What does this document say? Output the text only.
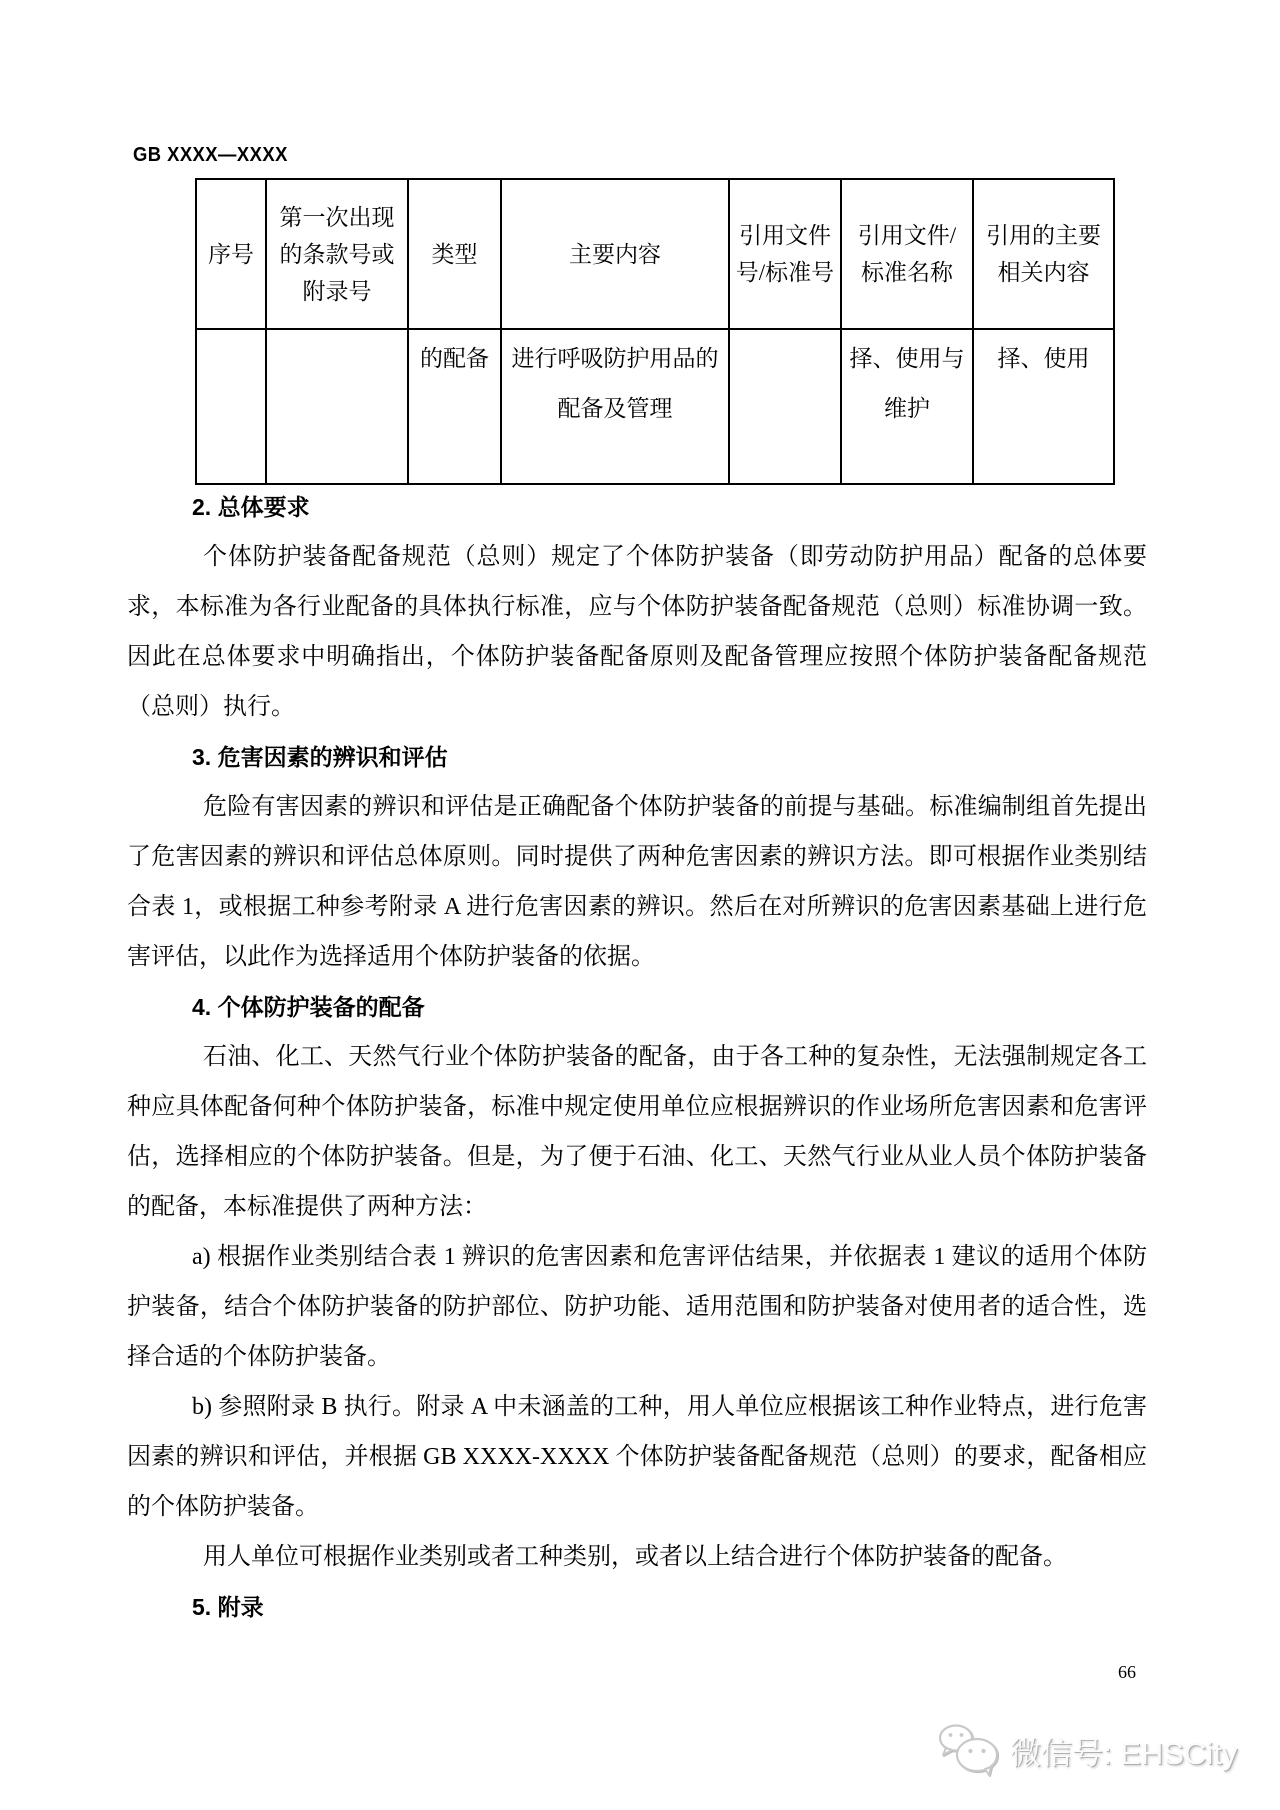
GB XXXX—XXXX
序号	第一次出现的条款号或附录号	类型	主要内容	引用文件号/标准号	引用文件/标准名称	引用的主要相关内容
		的配备	进行呼吸防护用品的配备及管理		择、使用与维护	择、使用
2. 总体要求

个体防护装备配备规范（总则）规定了个体防护装备（即劳动防护用品）配备的总体要求，本标准为各行业配备的具体执行标准，应与个体防护装备配备规范（总则）标准协调一致。因此在总体要求中明确指出，个体防护装备配备原则及配备管理应按照个体防护装备配备规范（总则）执行。

3. 危害因素的辨识和评估

危险有害因素的辨识和评估是正确配备个体防护装备的前提与基础。标准编制组首先提出了危害因素的辨识和评估总体原则。同时提供了两种危害因素的辨识方法。即可根据作业类别结合表 1，或根据工种参考附录 A 进行危害因素的辨识。然后在对所辨识的危害因素基础上进行危害评估，以此作为选择适用个体防护装备的依据。

4. 个体防护装备的配备

石油、化工、天然气行业个体防护装备的配备，由于各工种的复杂性，无法强制规定各工种应具体配备何种个体防护装备，标准中规定使用单位应根据辨识的作业场所危害因素和危害评估，选择相应的个体防护装备。但是，为了便于石油、化工、天然气行业从业人员个体防护装备的配备，本标准提供了两种方法：

a) 根据作业类别结合表 1 辨识的危害因素和危害评估结果，并依据表 1 建议的适用个体防护装备，结合个体防护装备的防护部位、防护功能、适用范围和防护装备对使用者的适合性，选择合适的个体防护装备。

b) 参照附录 B 执行。附录 A 中未涵盖的工种，用人单位应根据该工种作业特点，进行危害因素的辨识和评估，并根据 GB XXXX-XXXX 个体防护装备配备规范（总则）的要求，配备相应的个体防护装备。

用人单位可根据作业类别或者工种类别，或者以上结合进行个体防护装备的配备。

5. 附录
66
微信号: EHSCity
